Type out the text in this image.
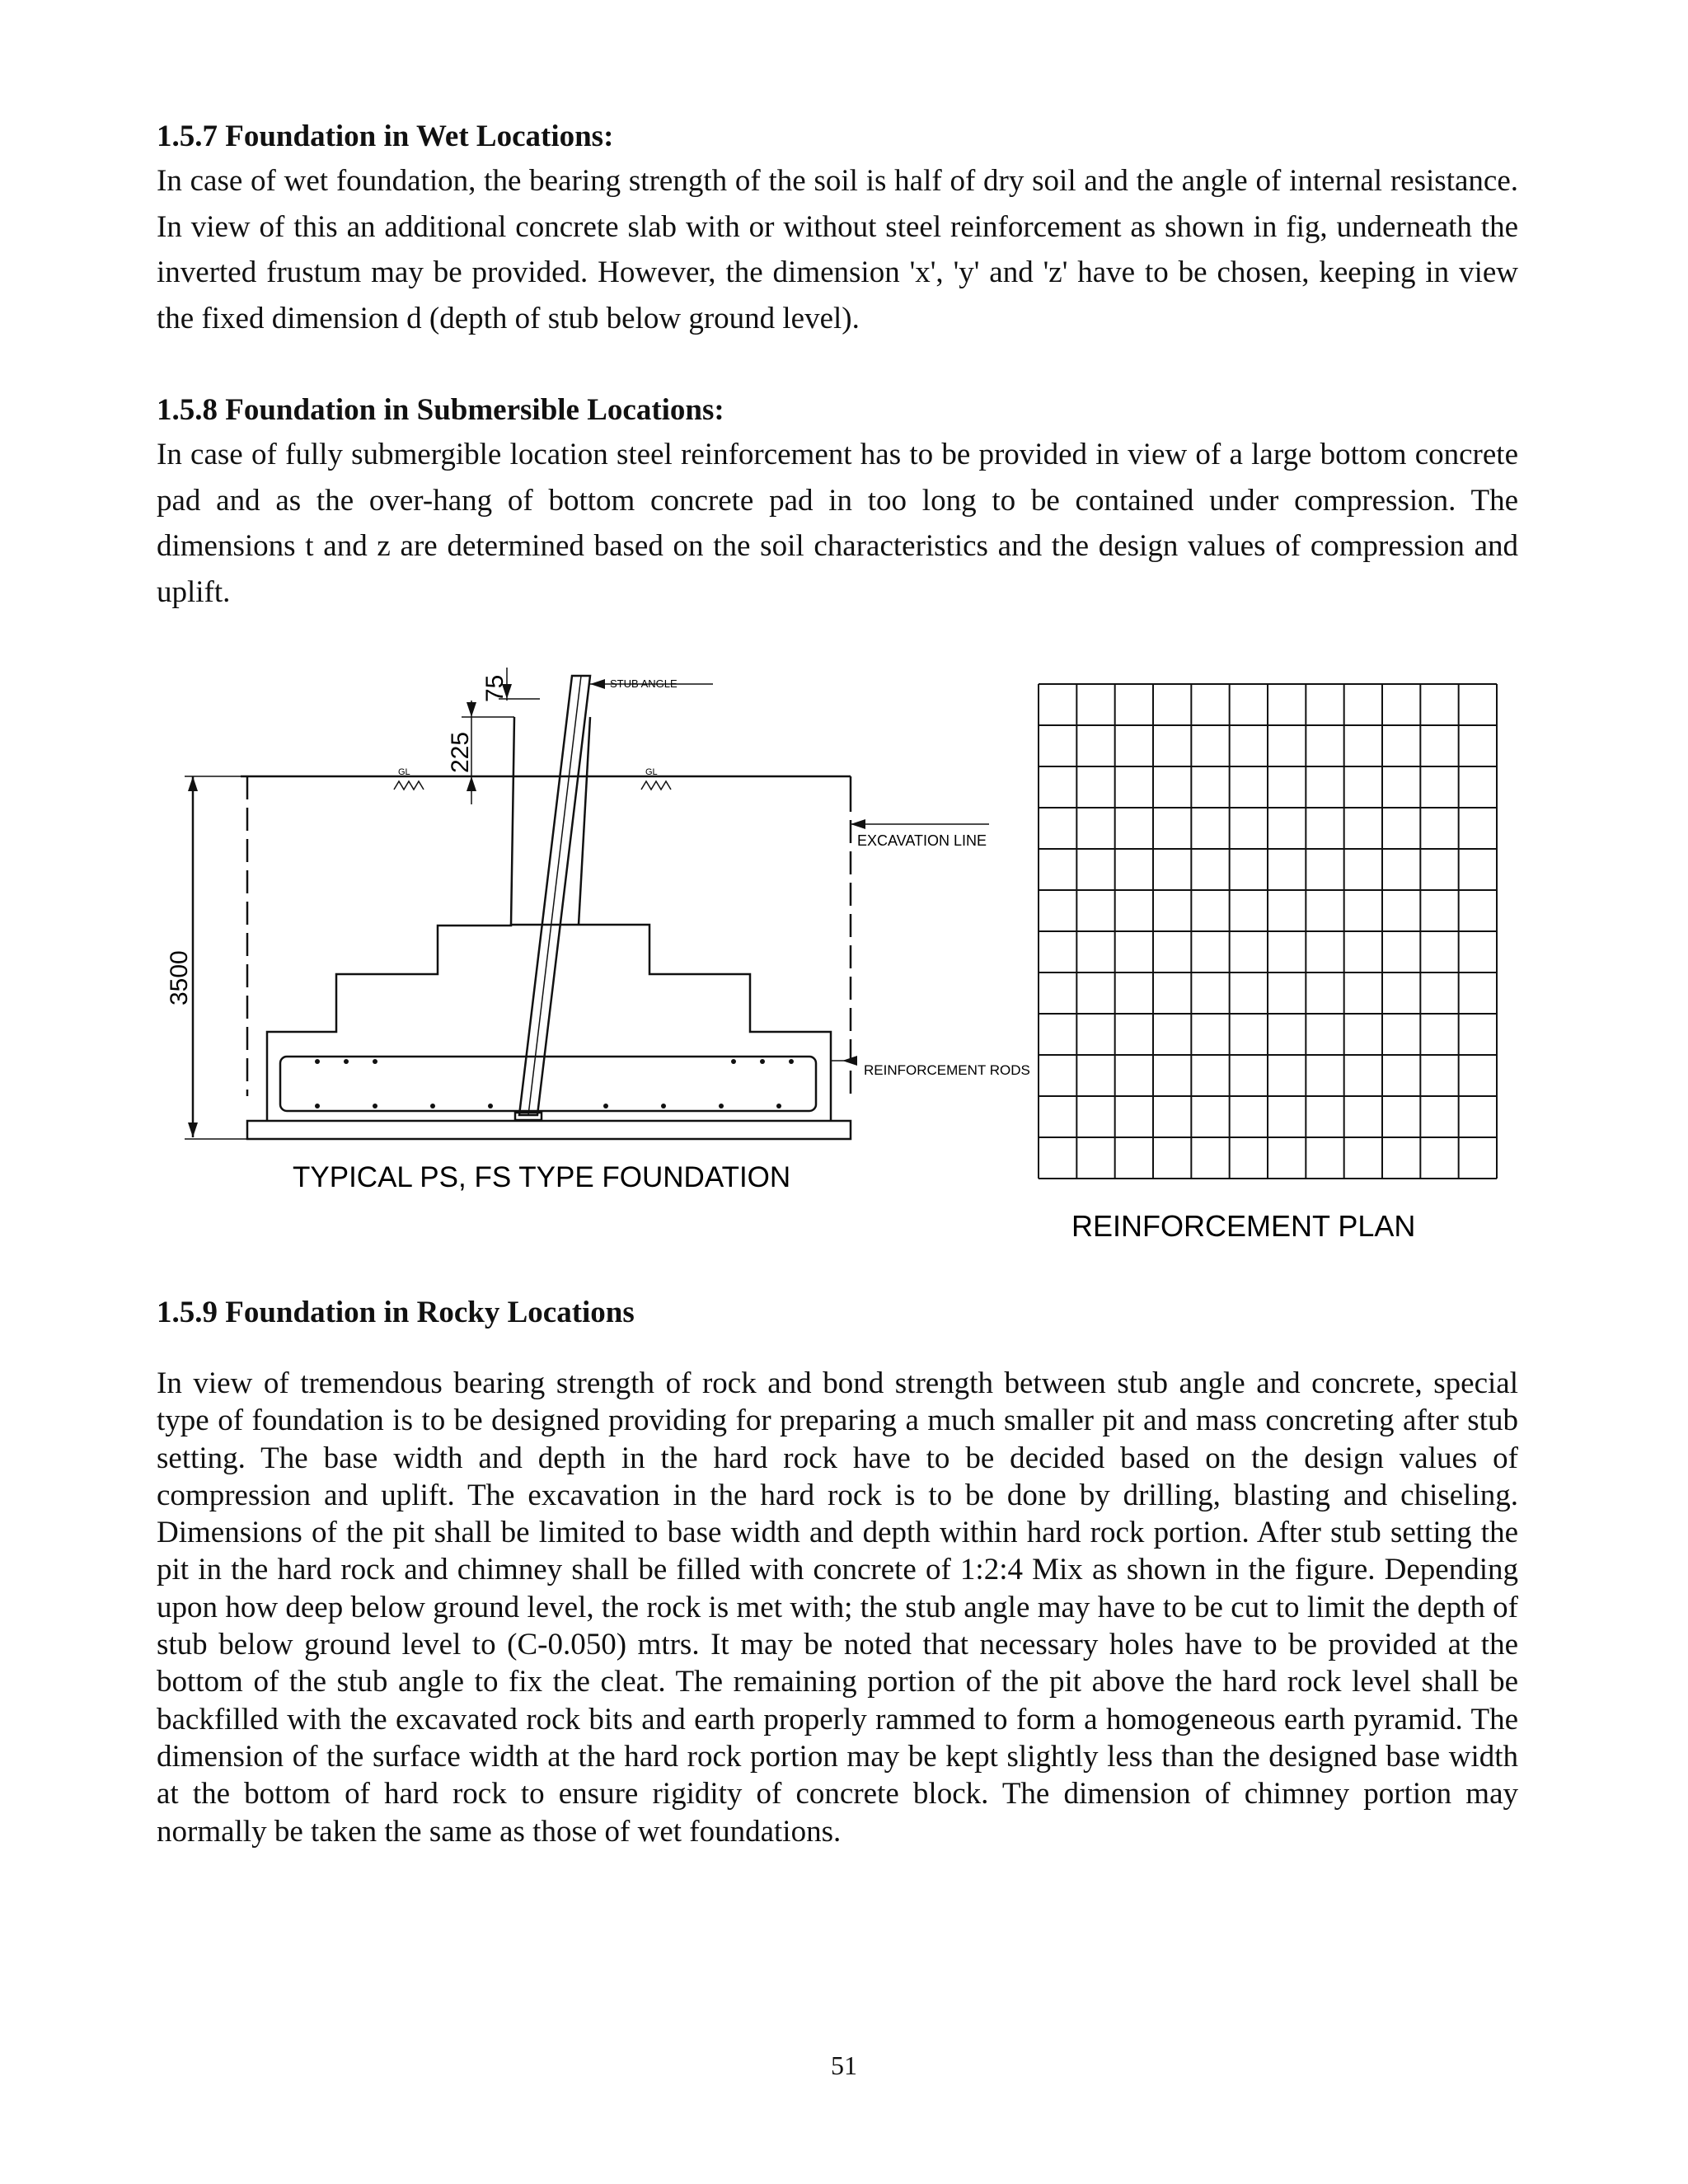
1.5.7 Foundation in Wet Locations:

In case of wet foundation, the bearing strength of the soil is half of dry soil and the angle of internal resistance. In view of this an additional concrete slab with or without steel reinforcement as shown in fig, underneath the inverted frustum may be provided. However, the dimension 'x', 'y' and 'z' have to be chosen, keeping in view the fixed dimension d (depth of stub below ground level).

1.5.8 Foundation in Submersible Locations:

In case of fully submergible location steel reinforcement has to be provided in view of a large bottom concrete pad and as the over-hang of bottom concrete pad in too long to be contained under compression. The dimensions t and z are determined based on the soil characteristics and the design values of compression and uplift.

STUB ANGLE
GL	GL
EXCAVATION LINE
REINFORCEMENT RODS
3500
225
75
TYPICAL PS, FS TYPE FOUNDATION
REINFORCEMENT PLAN
1.5.9 Foundation in Rocky Locations

In view of tremendous bearing strength of rock and bond strength between stub angle and concrete, special type of foundation is to be designed providing for preparing a much smaller pit and mass concreting after stub setting. The base width and depth in the hard rock have to be decided based on the design values of compression and uplift. The excavation in the hard rock is to be done by drilling, blasting and chiseling. Dimensions of the pit shall be limited to base width and depth within hard rock portion. After stub setting the pit in the hard rock and chimney shall be filled with concrete of 1:2:4 Mix as shown in the figure. Depending upon how deep below ground level, the rock is met with; the stub angle may have to be cut to limit the depth of stub below ground level to (C-0.050) mtrs. It may be noted that necessary holes have to be provided at the bottom of the stub angle to fix the cleat. The remaining portion of the pit above the hard rock level shall be backfilled with the excavated rock bits and earth properly rammed to form a homogeneous earth pyramid. The dimension of the surface width at the hard rock portion may be kept slightly less than the designed base width at the bottom of hard rock to ensure rigidity of concrete block. The dimension of chimney portion may normally be taken the same as those of wet foundations.

51
